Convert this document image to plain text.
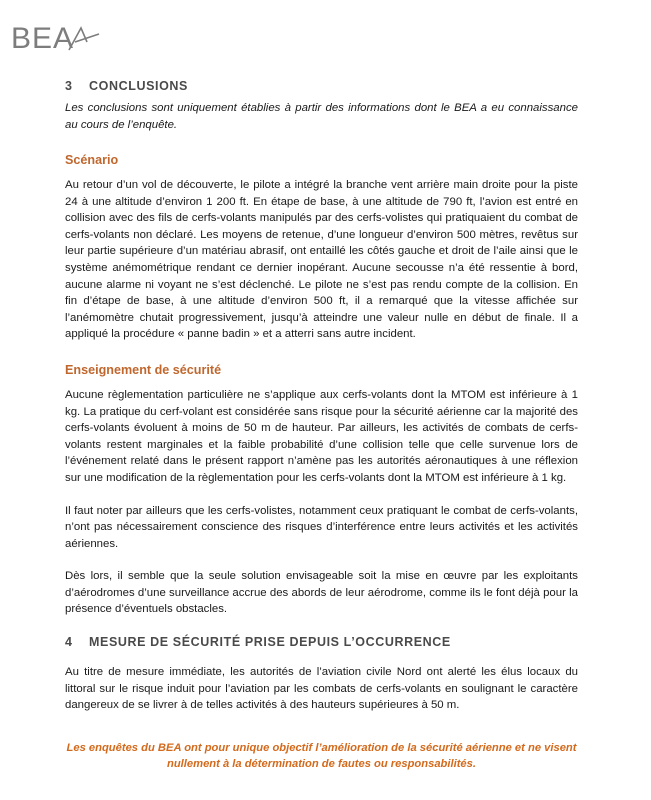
BEA
3 CONCLUSIONS

Les conclusions sont uniquement établies à partir des informations dont le BEA a eu connaissance au cours de l’enquête.

Scénario

Au retour d’un vol de découverte, le pilote a intégré la branche vent arrière main droite pour la piste 24 à une altitude d’environ 1 200 ft. En étape de base, à une altitude de 790 ft, l’avion est entré en collision avec des fils de cerfs-volants manipulés par des cerfs-volistes qui pratiquaient du combat de cerfs-volants non déclaré. Les moyens de retenue, d’une longueur d’environ 500 mètres, revêtus sur leur partie supérieure d’un matériau abrasif, ont entaillé les côtés gauche et droit de l’aile ainsi que le système anémométrique rendant ce dernier inopérant. Aucune secousse n’a été ressentie à bord, aucune alarme ni voyant ne s’est déclenché. Le pilote ne s’est pas rendu compte de la collision. En fin d’étape de base, à une altitude d’environ 500 ft, il a remarqué que la vitesse affichée sur l’anémomètre chutait progressivement, jusqu’à atteindre une valeur nulle en début de finale. Il a appliqué la procédure « panne badin » et a atterri sans autre incident.

Enseignement de sécurité

Aucune règlementation particulière ne s’applique aux cerfs-volants dont la MTOM est inférieure à 1 kg. La pratique du cerf-volant est considérée sans risque pour la sécurité aérienne car la majorité des cerfs-volants évoluent à moins de 50 m de hauteur. Par ailleurs, les activités de combats de cerfs-volants restent marginales et la faible probabilité d’une collision telle que celle survenue lors de l’événement relaté dans le présent rapport n’amène pas les autorités aéronautiques à une réflexion sur une modification de la règlementation pour les cerfs-volants dont la MTOM est inférieure à 1 kg.

Il faut noter par ailleurs que les cerfs-volistes, notamment ceux pratiquant le combat de cerfs-volants, n’ont pas nécessairement conscience des risques d’interférence entre leurs activités et les activités aériennes.

Dès lors, il semble que la seule solution envisageable soit la mise en œuvre par les exploitants d’aérodromes d’une surveillance accrue des abords de leur aérodrome, comme ils le font déjà pour la présence d’éventuels obstacles.

4 MESURE DE SÉCURITÉ PRISE DEPUIS L’OCCURRENCE

Au titre de mesure immédiate, les autorités de l’aviation civile Nord ont alerté les élus locaux du littoral sur le risque induit pour l’aviation par les combats de cerfs-volants en soulignant le caractère dangereux de se livrer à de telles activités à des hauteurs supérieures à 50 m.

Les enquêtes du BEA ont pour unique objectif l’amélioration de la sécurité aérienne et ne visent
nullement à la détermination de fautes ou responsabilités.
